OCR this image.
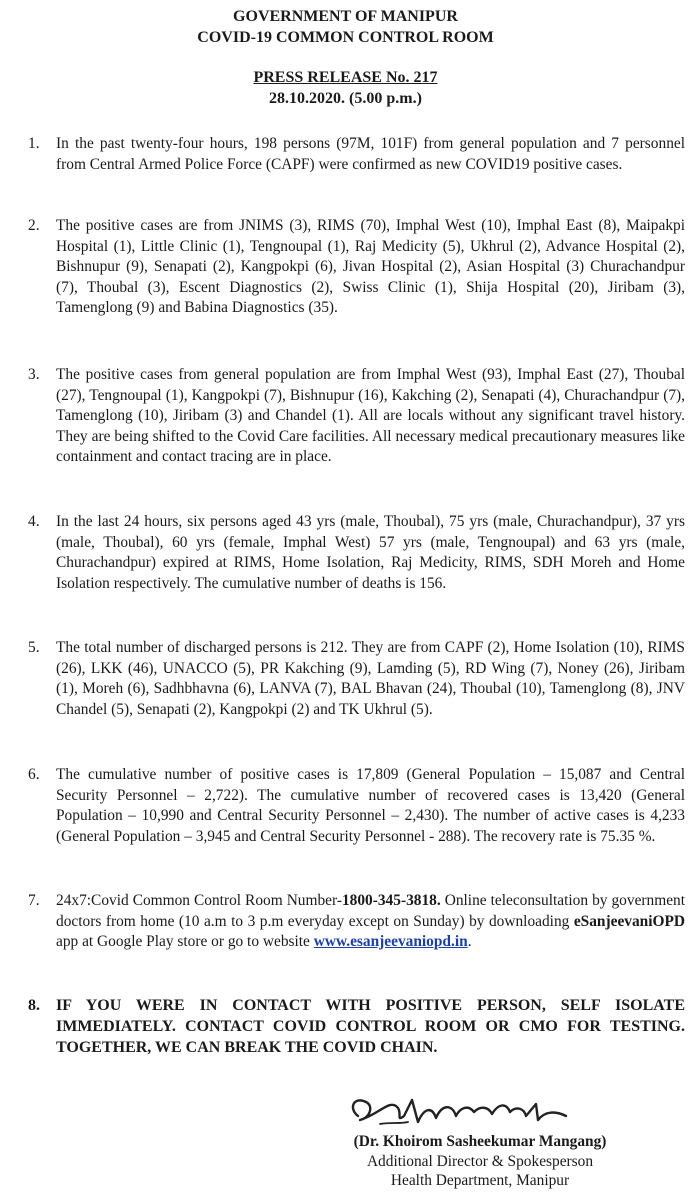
GOVERNMENT OF MANIPUR
COVID-19 COMMON CONTROL ROOM
PRESS RELEASE No. 217
28.10.2020. (5.00 p.m.)
1.	In the past twenty-four hours, 198 persons (97M, 101F) from general population and 7 personnel from Central Armed Police Force (CAPF) were confirmed as new COVID19 positive cases.
2.	The positive cases are from JNIMS (3), RIMS (70), Imphal West (10), Imphal East (8), Maipakpi Hospital (1), Little Clinic (1), Tengnoupal (1), Raj Medicity (5), Ukhrul (2), Advance Hospital (2), Bishnupur (9), Senapati (2), Kangpokpi (6), Jivan Hospital (2), Asian Hospital (3) Churachandpur (7), Thoubal (3), Escent Diagnostics (2), Swiss Clinic (1), Shija Hospital (20), Jiribam (3), Tamenglong (9) and Babina Diagnostics (35).
3.	The positive cases from general population are from Imphal West (93), Imphal East (27), Thoubal (27), Tengnoupal (1), Kangpokpi (7), Bishnupur (16), Kakching (2), Senapati (4), Churachandpur (7), Tamenglong (10), Jiribam (3) and Chandel (1). All are locals without any significant travel history. They are being shifted to the Covid Care facilities. All necessary medical precautionary measures like containment and contact tracing are in place.
4.	In the last 24 hours, six persons aged 43 yrs (male, Thoubal), 75 yrs (male, Churachandpur), 37 yrs (male, Thoubal), 60 yrs (female, Imphal West) 57 yrs (male, Tengnoupal) and 63 yrs (male, Churachandpur) expired at RIMS, Home Isolation, Raj Medicity, RIMS, SDH Moreh and Home Isolation respectively. The cumulative number of deaths is 156.
5.	The total number of discharged persons is 212. They are from CAPF (2), Home Isolation (10), RIMS (26), LKK (46), UNACCO (5), PR Kakching (9), Lamding (5), RD Wing (7), Noney (26), Jiribam (1), Moreh (6), Sadhbhavna (6), LANVA (7), BAL Bhavan (24), Thoubal (10), Tamenglong (8), JNV Chandel (5), Senapati (2), Kangpokpi (2) and TK Ukhrul (5).
6.	The cumulative number of positive cases is 17,809 (General Population – 15,087 and Central Security Personnel – 2,722). The cumulative number of recovered cases is 13,420 (General Population – 10,990 and Central Security Personnel – 2,430). The number of active cases is 4,233 (General Population – 3,945 and Central Security Personnel - 288). The recovery rate is 75.35 %.
7.	24x7:Covid Common Control Room Number-1800-345-3818. Online teleconsultation by government doctors from home (10 a.m to 3 p.m everyday except on Sunday) by downloading eSanjeevaniOPD app at Google Play store or go to website www.esanjeevaniopd.in.
8.	IF YOU WERE IN CONTACT WITH POSITIVE PERSON, SELF ISOLATE IMMEDIATELY. CONTACT COVID CONTROL ROOM OR CMO FOR TESTING. TOGETHER, WE CAN BREAK THE COVID CHAIN.
(Dr. Khoirom Sasheekumar Mangang)
Additional Director & Spokesperson
Health Department, Manipur
